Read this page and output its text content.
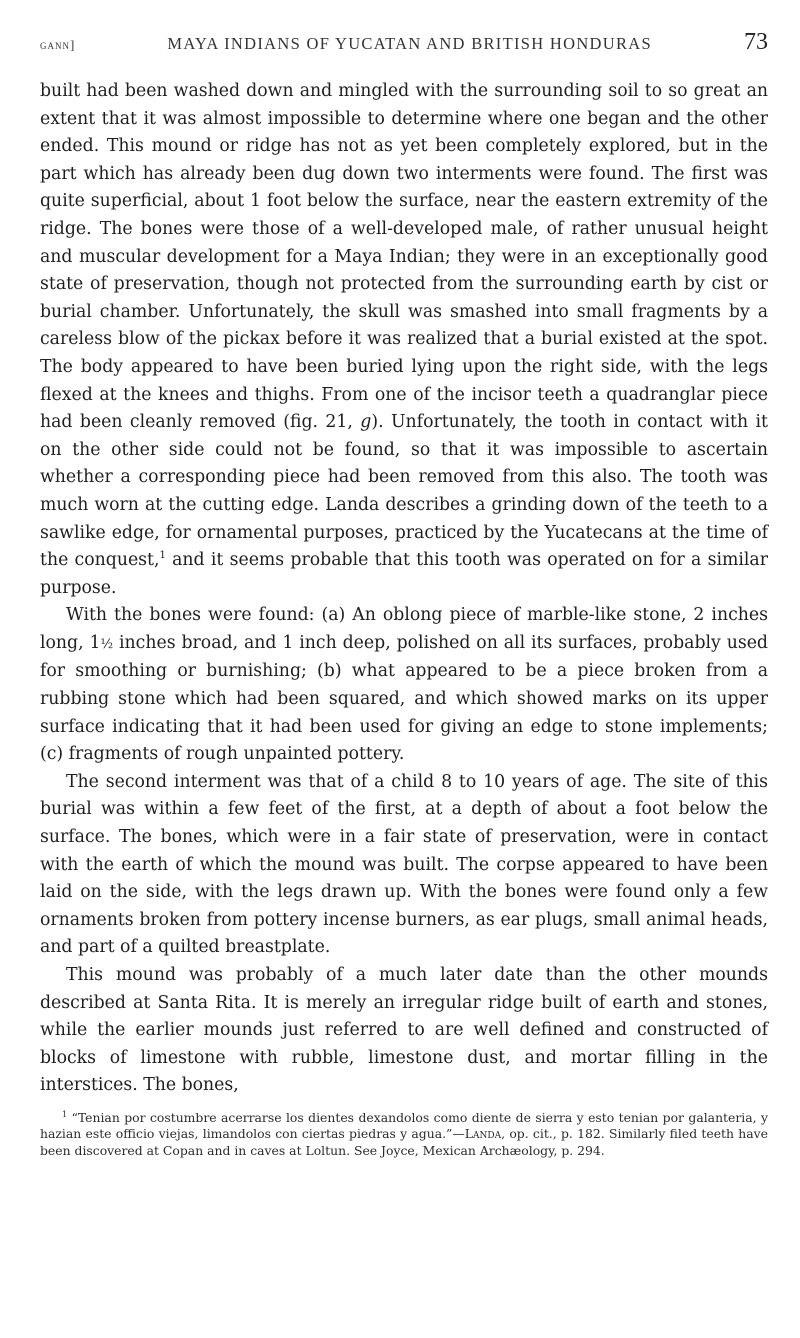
gann]	MAYA INDIANS OF YUCATAN AND BRITISH HONDURAS	73

built had been washed down and mingled with the surrounding soil to so great an extent that it was almost impossible to determine where one began and the other ended. This mound or ridge has not as yet been completely explored, but in the part which has already been dug down two interments were found. The first was quite superficial, about 1 foot below the surface, near the eastern extremity of the ridge. The bones were those of a well-developed male, of rather unusual height and muscular development for a Maya Indian; they were in an exceptionally good state of preservation, though not protected from the surrounding earth by cist or burial chamber. Unfortunately, the skull was smashed into small fragments by a careless blow of the pickax before it was realized that a burial existed at the spot. The body appeared to have been buried lying upon the right side, with the legs flexed at the knees and thighs. From one of the incisor teeth a quadranglar piece had been cleanly removed (fig. 21, g). Unfortunately, the tooth in contact with it on the other side could not be found, so that it was impossible to ascertain whether a corresponding piece had been removed from this also. The tooth was much worn at the cutting edge. Landa describes a grinding down of the teeth to a sawlike edge, for ornamental purposes, practiced by the Yucatecans at the time of the conquest,$^1$ and it seems probable that this tooth was operated on for a similar purpose.

With the bones were found: (a) An oblong piece of marble-like stone, 2 inches long, 1½ inches broad, and 1 inch deep, polished on all its surfaces, probably used for smoothing or burnishing; (b) what appeared to be a piece broken from a rubbing stone which had been squared, and which showed marks on its upper surface indicating that it had been used for giving an edge to stone implements; (c) fragments of rough unpainted pottery.

The second interment was that of a child 8 to 10 years of age. The site of this burial was within a few feet of the first, at a depth of about a foot below the surface. The bones, which were in a fair state of preservation, were in contact with the earth of which the mound was built. The corpse appeared to have been laid on the side, with the legs drawn up. With the bones were found only a few ornaments broken from pottery incense burners, as ear plugs, small animal heads, and part of a quilted breastplate.

This mound was probably of a much later date than the other mounds described at Santa Rita. It is merely an irregular ridge built of earth and stones, while the earlier mounds just referred to are well defined and constructed of blocks of limestone with rubble, limestone dust, and mortar filling in the interstices. The bones,

$^1$ “Tenian por costumbre acerrarse los dientes dexandolos como diente de sierra y esto tenian por galanteria, y hazian este officio viejas, limandolos con ciertas piedras y agua.”—Landa, op. cit., p. 182. Similarly filed teeth have been discovered at Copan and in caves at Loltun. See Joyce, Mexican Archæology, p. 294.
